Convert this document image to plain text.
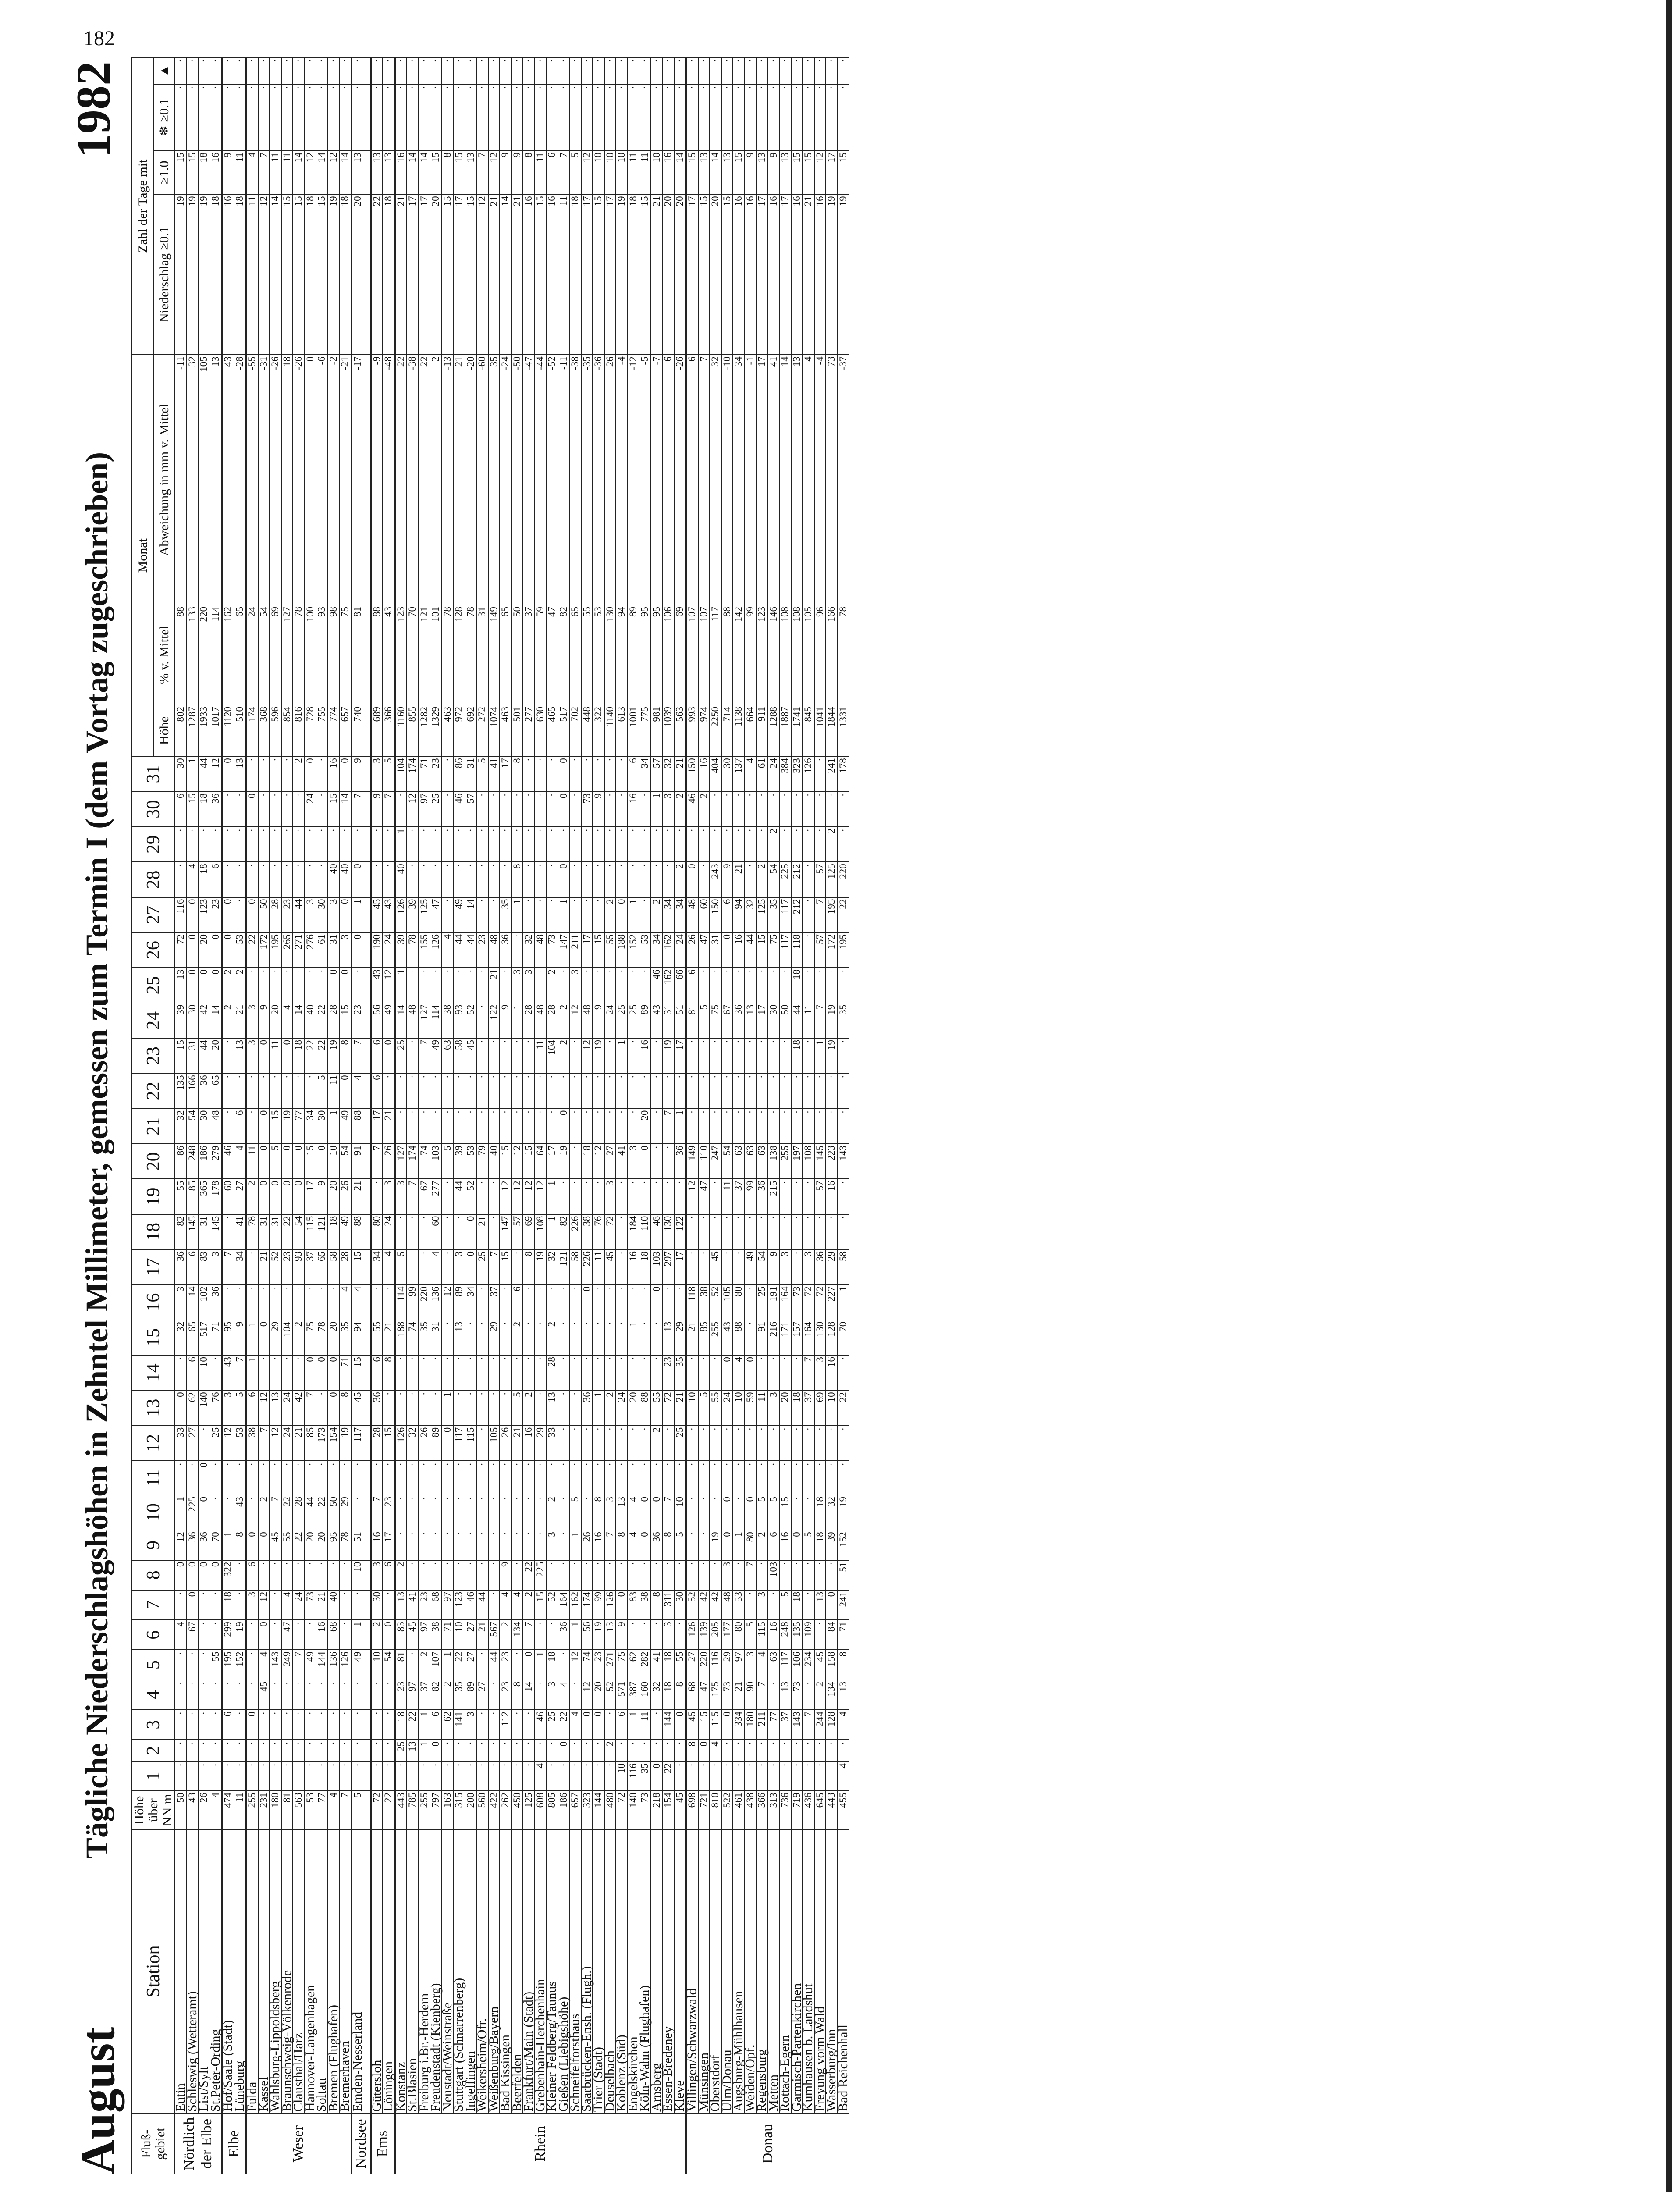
182
August
Tägliche Niederschlagshöhen in Zehntel Millimeter, gemessen zum Termin I (dem Vortag zugeschrieben)
1982
Fluß-gebiet	Station	Höhe über NN m	1	2	3	4	5	6	7	8	9	10	11	12	13	14	15	16	17	18	19	20	21	22	23	24	25	26	27	28	29	30	31	Monat			Zahl der Tage mit			
																																		Höhe	% v. Mittel	Abweichung in mm v. Mittel	Niederschlag ≥0.1	≥1.0	❄ ≥0.1	▲
Nördlich der Elbe	Eutin	50	·	·	·	·	·	4	·	0	12	1	·	33	0	·	32	3	36	82	55	86	32	135	15	39	13	72	116	·	·	6	30	802	88	-11	19	15	·	·
	Schleswig (Wetteramt)	43	·	·	·	·	·	67	0	0	36	225	·	27	62	6	65	14	6	145	85	248	54	166	31	30	0	0	0	4	·	15	1	1287	133	32	19	15	·	·
	List/Sylt	26	·	·	·	·	·	·	·	0	36	0	0	·	140	10	517	102	83	31	365	186	30	36	44	42	0	20	123	18	·	18	44	1933	220	105	19	18	·	·
	St.Peter-Ording	4	·	·	·	·	55	·	·	0	70	·	·	25	76	·	71	36	3	145	178	279	48	65	20	14	0	0	23	6	·	36	12	1017	114	13	18	16	·	·
Elbe	Hof/Saale (Stadt)	474	·	·	6	·	195	299	18	322	1	·	·	12	3	43	95	·	7	·	60	46	·	·	·	2	2	0	0	·	·	·	0	1120	162	43	16	9	·	·
	Lüneburg	11	·	·	·	·	152	19	·	·	8	43	·	53	5	7	9	·	34	41	27	4	6	·	13	21	2	53	·	·	·	·	13	510	65	-28	18	11	·	·
Weser	Fulda	255	·	·	0	·	·	·	3	6	0	·	·	38	6	1	1	·	·	78	2	11	·	·	3	3	·	22	0	·	·	0	·	174	24	-55	11	4	·	·
	Kassel	231	·	·	·	45	4	0	12	·	0	2	·	7	12	·	0	·	21	31	0	0	0	·	0	9	·	172	50	·	·	·	·	368	54	-31	12	7	·	·
	Wahlsburg-Lippoldsberg	180	·	·	·	·	143	·	·	·	45	7	·	12	13	·	29	·	52	31	0	5	15	·	11	20	·	195	28	·	·	·	·	596	69	-26	14	11	·	·
	Braunschweig-Völkenrode	81	·	·	·	·	249	47	4	·	55	22	·	24	24	·	104	·	23	22	0	0	19	·	0	4	·	265	23	·	·	·	·	854	127	18	15	11	·	·
	Clausthal/Harz	563	·	·	·	·	7	·	24	·	22	28	·	21	42	·	2	·	93	54	0	0	77	·	18	14	·	271	44	·	·	·	2	816	78	-26	15	14	·	·
	Hannover-Langenhagen	53	·	·	·	·	49	·	73	·	20	44	·	85	7	0	75	·	37	115	17	15	34	·	22	40	·	276	3	·	·	24	0	728	100	0	18	12	·	·
	Soltau	77	·	·	·	·	144	16	21	·	20	22	·	173	·	0	78	·	65	121	9	0	30	5	22	22	·	61	30	·	·	·	·	755	93	-6	15	14	·	·
	Bremen (Flughafen)	4	·	·	·	·	136	68	40	·	95	50	·	154	0	0	20	·	58	18	20	10	1	11	19	28	0	31	3	40	·	15	16	774	98	-2	19	12	·	·
	Bremerhaven	7	·	·	·	·	126	·	·	·	78	29	·	19	8	71	35	4	28	49	26	54	49	0	8	15	0	3	0	40	·	14	0	657	75	-21	18	14	·	·
Nordsee	Emden-Nesserland	5	·	·	·	·	49	1	·	10	51	·	·	117	45	15	94	4	15	88	21	91	88	4	7	23	·	0	1	0	·	7	9	740	81	-17	20	13	·	·
Ems	Gütersloh	72	·	·	·	·	10	2	30	3	16	7	·	28	36	6	55	·	34	80	·	7	17	6	6	56	43	190	45	·	·	9	3	689	88	-9	22	13	·	·
	Löningen	22	·	·	·	·	54	0	·	6	17	23	·	15	·	8	21	·	4	24	3	26	21	·	0	49	12	24	43	·	·	7	5	366	43	-48	18	13	·	·
Rhein	Konstanz	443	·	25	18	23	81	83	13	2	·	·	·	126	·	·	188	114	5	·	3	127	·	·	25	14	1	39	126	40	1	·	104	1160	123	22	21	16	·	·
	St.Blasien	785	·	13	22	97	·	45	41	·	·	·	·	32	·	·	74	99	·	·	7	174	·	·	·	48	·	78	39	·	·	12	174	855	70	-38	17	14	·	·
	Freiburg i.Br.-Herdern	255	·	1	1	37	2	97	23	·	·	·	·	26	·	·	35	220	·	·	67	74	·	·	7	127	·	155	125	·	·	97	71	1282	121	22	17	14	·	·
	Freudenstadt (Kienberg)	797	·	0	6	82	107	38	68	·	·	·	·	89	·	·	31	136	4	60	277	103	·	·	49	114	·	126	47	·	·	25	23	1329	101	2	20	15	·	·
	Neustadt/Weinstraße	163	·	·	62	2	1	71	97	·	·	·	·	0	1	·	·	12	·	·	·	5	·	·	63	38	·	4	·	·	·	·	·	463	78	-13	15	8	·	·
	Stuttgart (Schnarrenberg)	315	·	·	141	35	22	10	123	·	·	·	·	117	·	·	13	89	3	·	44	39	·	·	58	93	·	44	49	·	·	46	86	972	128	21	17	15	·	·
	Ingelfingen	200	·	·	3	89	27	27	46	·	·	·	·	115	·	·	·	34	0	0	52	53	·	·	45	52	·	44	14	·	·	57	31	692	78	-20	15	13	·	·
	Weikersheim/Ofr.	560	·	·	·	27	·	21	44	·	·	·	·	·	·	·	·	·	25	21	·	79	·	·	·	·	·	23	·	·	·	·	5	272	31	-60	12	7	·	·
	Weißenburg/Bayern	422	·	·	·	·	44	567	·	·	·	·	·	105	·	·	29	37	7	·	·	40	·	·	·	122	21	48	·	·	·	·	41	1074	149	35	21	12	·	·
	Bad Kissingen	262	·	·	112	23	23	2	4	9	·	·	·	26	·	·	·	·	15	147	12	15	·	·	·	9	·	36	35	·	·	·	17	463	65	-24	14	9	·	·
	Beerfelden	450	·	·	·	8	·	134	4	·	·	·	·	21	5	·	2	6	·	57	12	12	·	·	·	1	3	·	1	8	·	·	8	501	50	-50	21	9	·	·
	Frankfurt/Main (Stadt)	125	·	·	·	14	0	7	2	22	·	·	·	16	2	·	·	·	8	69	12	15	·	·	·	28	3	32	·	·	·	·	·	277	37	-47	16	8	·	·
	Grebenhain-Herchenhain	608	4	·	46	·	1	·	15	225	·	·	·	29	·	·	·	·	19	108	12	64	·	·	11	48	·	48	·	·	·	·	·	630	59	-44	15	11	·	·
	Kleiner Feldberg/Taunus	805	·	·	25	3	18	·	52	·	3	2	·	33	13	28	2	·	32	1	1	17	·	·	104	28	2	73	·	·	·	·	·	465	47	-52	16	6	·	·
	Gießen (Liebigshöhe)	186	·	0	22	4	·	36	164	·	·	·	·	·	·	·	·	·	121	82	·	19	0	·	2	2	·	147	1	0	·	0	0	517	82	-11	11	7	·	·
	Schneifelforsthaus	657	·	·	4	·	12	1	162	·	1	5	·	·	·	·	·	·	58	226	·	·	·	·	·	12	3	211	·	·	·	·	·	702	65	-38	18	5	·	·
	Saarbrücken-Ensh. (Flugh.)	323	·	·	0	12	74	56	174	·	26	·	·	·	36	·	·	0	226	38	·	18	·	·	12	48	·	17	·	·	·	73	·	448	55	-35	17	12	·	·
	Trier (Stadt)	144	·	·	0	20	23	19	99	·	16	8	·	·	1	·	·	·	11	76	·	12	·	·	19	9	·	15	·	·	·	9	·	322	53	-36	15	10	·	·
	Deuselbach	480	·	2	·	52	271	13	126	·	7	3	·	·	2	·	·	·	45	72	3	27	·	·	·	24	·	55	2	·	·	·	·	1140	130	26	17	10	·	·
	Koblenz (Süd)	72	10	·	6	571	75	9	0	·	8	13	·	·	24	·	·	·	·	·	·	41	·	·	1	25	·	188	0	·	·	·	·	613	94	-4	19	10	·	·
	Engelskirchen	140	116	·	1	387	62	·	83	·	4	4	·	·	20	·	1	·	16	184	·	3	·	·	·	25	·	152	1	·	·	16	6	1001	89	-12	18	11	·	·
	Köln-Wahn (Flughafen)	73	35	·	11	160	282	·	38	·	0	0	·	·	88	·	·	·	18	110	·	0	20	·	16	89	·	53	·	·	·	·	34	775	95	-5	15	11	·	·
	Arnsberg	218	0	·	·	32	41	·	8	·	36	0	·	2	55	·	·	0	103	46	·	·	·	·	·	43	46	34	2	·	·	1	57	981	95	-7	21	10	·	·
	Essen-Bredeney	154	22	·	144	18	18	3	311	·	8	7	·	·	72	23	13	·	297	130	·	·	7	·	19	31	162	162	34	·	·	3	32	1039	106	6	20	16	·	·
	Kleve	45	·	·	0	8	55	·	30	·	5	10	·	25	21	35	29	·	17	122	·	36	1	·	17	51	66	24	34	2	·	2	21	563	69	-26	20	14	·	·
Donau	Villingen/Schwarzwald	698	·	8	45	68	27	126	52	·	·	·	·	·	10	·	21	118	·	·	12	149	·	·	·	81	6	26	48	0	·	46	150	993	107	6	17	15	·	·
	Münsingen	721	·	0	15	47	220	139	42	·	·	·	·	·	5	·	85	38	·	·	47	110	·	·	·	5	·	47	60	·	·	2	16	974	107	7	15	13	·	·
	Oberstdorf	810	·	4	115	175	116	205	42	·	19	·	·	·	55	·	255	52	45	·	·	247	·	·	·	75	·	31	150	243	·	·	404	2250	117	32	20	14	·	·
	Ulm/Donau	522	·	·	0	73	29	177	48	3	0	0	·	·	24	0	43	105	·	·	11	54	·	·	·	67	·	0	6	9	·	·	30	714	88	-10	15	13	·	·
	Augsburg-Mühlhausen	461	·	·	334	21	97	80	53	·	1	·	·	·	10	4	88	80	·	·	37	63	·	·	·	36	·	16	94	21	·	·	137	1138	142	34	16	15	·	·
	Weiden/Opf.	438	·	·	180	90	3	5	·	7	80	0	·	·	59	0	·	·	49	·	99	63	·	·	·	13	·	44	32	·	·	·	4	664	99	-1	16	9	·	·
	Regensburg	366	·	·	211	7	4	115	3	·	2	5	·	·	11	·	91	25	54	·	36	63	·	·	·	17	·	15	125	2	·	·	61	911	123	17	17	13	·	·
	Metten	313	·	·	77	·	63	16	·	103	6	5	·	·	3	·	216	191	9	·	215	138	·	·	·	30	·	75	35	54	2	·	24	1288	146	41	16	9	·	·
	Rottach-Egern	736	·	·	37	13	117	248	5	·	16	15	·	·	20	·	171	164	3	·	·	255	·	·	·	50	·	117	117	225	·	·	384	1887	108	14	17	13	·	·
	Garmisch-Partenkirchen	719	·	·	143	73	106	135	18	·	0	·	·	·	18	·	157	73	·	·	·	197	·	·	18	44	18	118	212	212	·	·	323	1741	108	13	16	15	·	·
	Kumhausen b. Landshut	436	·	·	7	·	234	109	·	·	5	·	·	·	37	7	164	72	3	·	·	108	·	·	·	11	·	·	·	·	·	·	126	845	105	4	21	15	·	·
	Freyung vorm Wald	645	·	·	244	2	45	·	13	·	18	18	·	·	69	3	130	72	36	·	57	145	·	·	1	7	·	57	7	57	·	·	·	1041	96	-4	16	12	·	·
	Wasserburg/Inn	443	·	·	128	134	158	84	0	·	39	32	·	·	10	16	128	227	29	·	16	223	·	·	19	19	·	172	195	125	2	·	241	1844	166	73	19	17	·	·
	Bad Reichenhall	455	4	·	4	13	8	71	241	51	152	19	·	·	22	·	70	1	58	·	·	143	·	·	·	35	·	195	22	220	·	·	178	1331	78	-37	19	15	·	·
